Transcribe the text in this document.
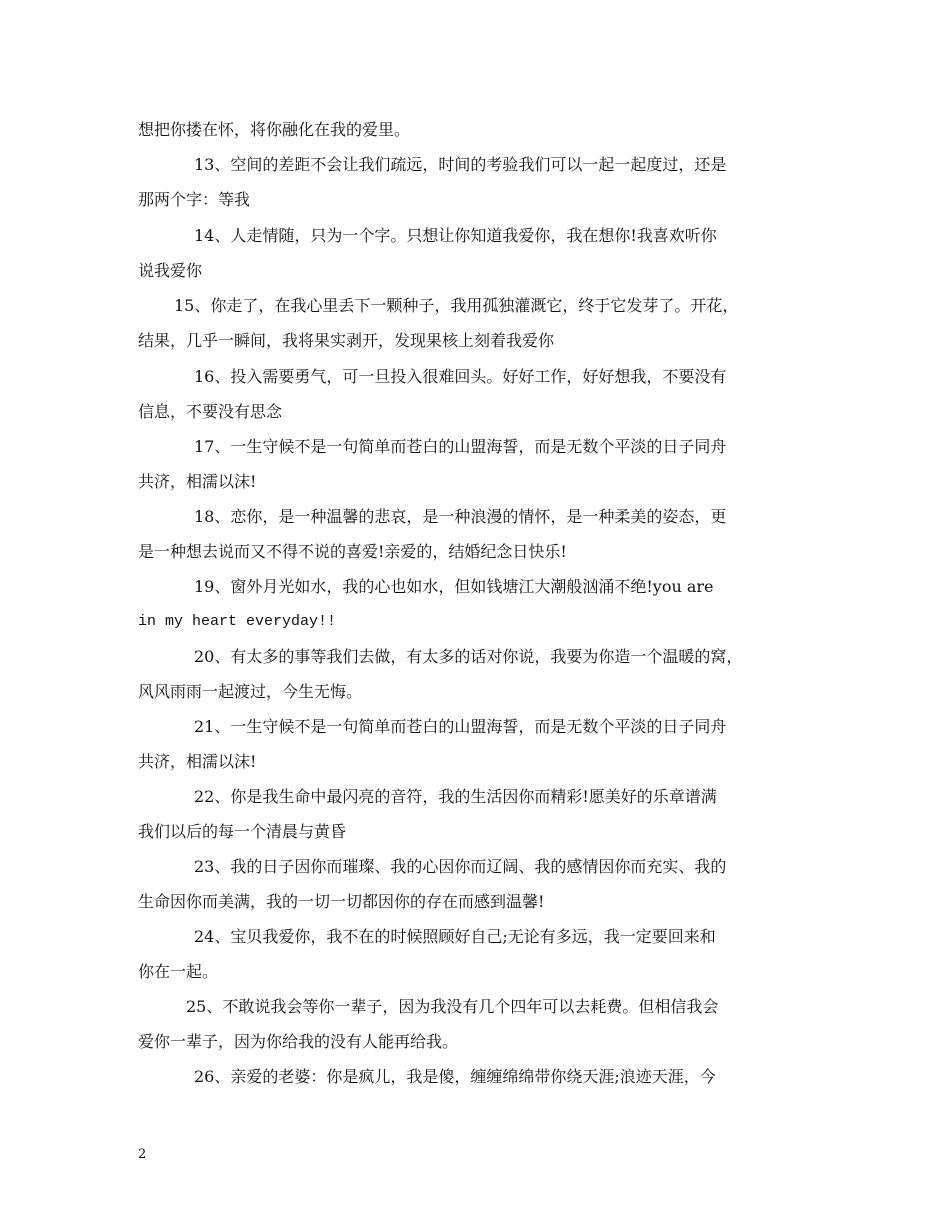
想把你搂在怀，将你融化在我的爱里。
13、空间的差距不会让我们疏远，时间的考验我们可以一起一起度过，还是
那两个字：等我
14、人走情随，只为一个字。只想让你知道我爱你，我在想你!我喜欢听你
说我爱你
15、你走了，在我心里丢下一颗种子，我用孤独灌溉它，终于它发芽了。开花，
结果，几乎一瞬间，我将果实剥开，发现果核上刻着我爱你
16、投入需要勇气，可一旦投入很难回头。好好工作，好好想我，不要没有
信息，不要没有思念
17、一生守候不是一句简单而苍白的山盟海誓，而是无数个平淡的日子同舟
共济，相濡以沫!
18、恋你，是一种温馨的悲哀，是一种浪漫的情怀，是一种柔美的姿态，更
是一种想去说而又不得不说的喜爱!亲爱的，结婚纪念日快乐!
19、窗外月光如水，我的心也如水，但如钱塘江大潮般汹涌不绝!you are
in my heart everyday!!
20、有太多的事等我们去做，有太多的话对你说，我要为你造一个温暖的窝，
风风雨雨一起渡过，今生无悔。
21、一生守候不是一句简单而苍白的山盟海誓，而是无数个平淡的日子同舟
共济，相濡以沫!
22、你是我生命中最闪亮的音符，我的生活因你而精彩!愿美好的乐章谱满
我们以后的每一个清晨与黄昏
23、我的日子因你而璀璨、我的心因你而辽阔、我的感情因你而充实、我的
生命因你而美满，我的一切一切都因你的存在而感到温馨!
24、宝贝我爱你，我不在的时候照顾好自己;无论有多远，我一定要回来和
你在一起。
25、不敢说我会等你一辈子，因为我没有几个四年可以去耗费。但相信我会
爱你一辈子，因为你给我的没有人能再给我。
26、亲爱的老婆：你是疯儿，我是傻，缠缠绵绵带你绕天涯;浪迹天涯，今
2
